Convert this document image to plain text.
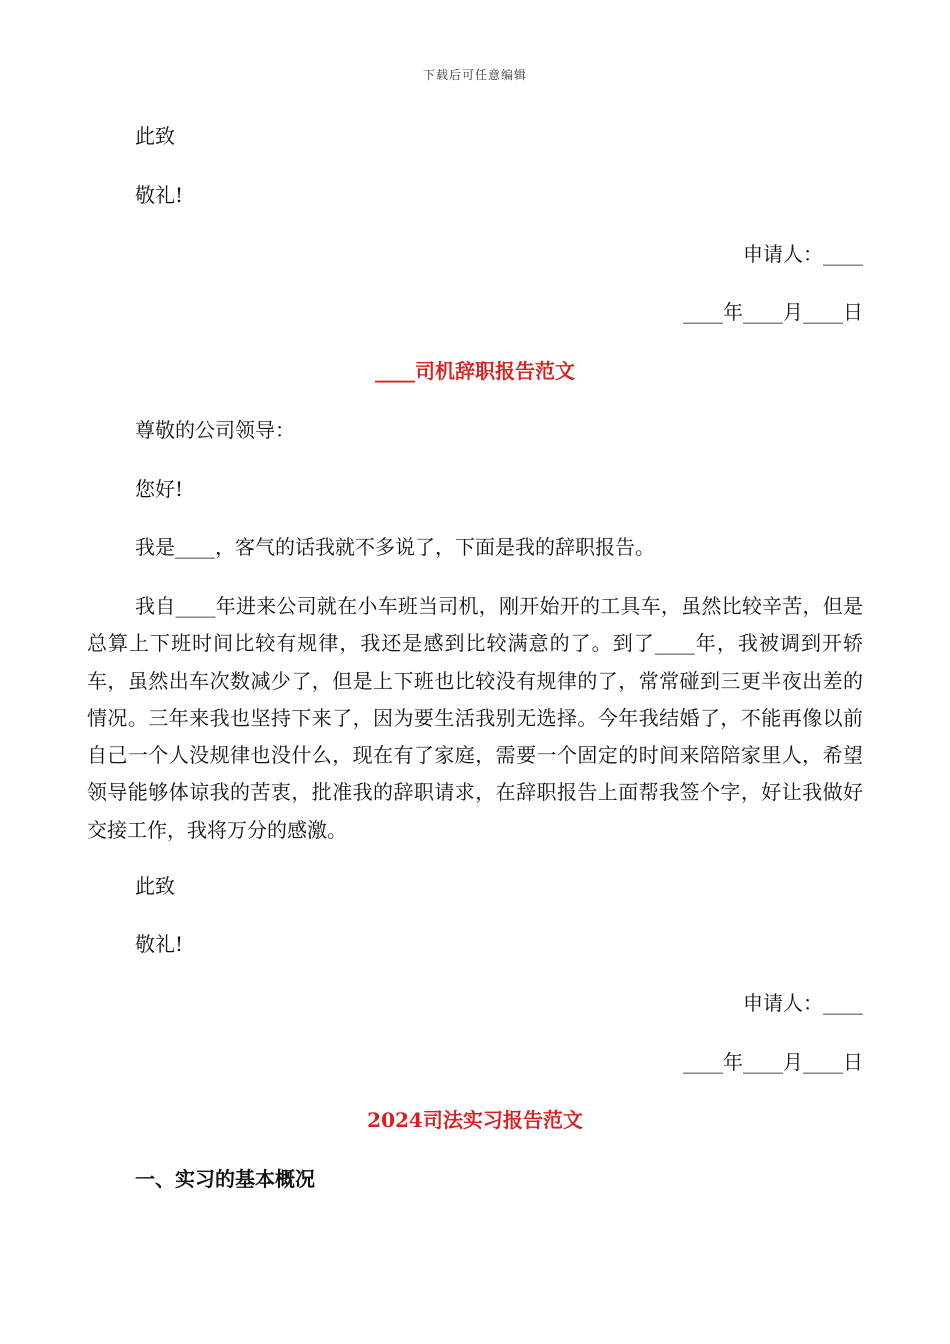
下载后可任意编辑
此致
敬礼!
申请人：____
____年____月____日
____司机辞职报告范文
尊敬的公司领导：
您好!
我是____，客气的话我就不多说了，下面是我的辞职报告。
我自____年进来公司就在小车班当司机，刚开始开的工具车，虽然比较辛苦，但是总算上下班时间比较有规律，我还是感到比较满意的了。到了____年，我被调到开轿车，虽然出车次数减少了，但是上下班也比较没有规律的了，常常碰到三更半夜出差的情况。三年来我也坚持下来了，因为要生活我别无选择。今年我结婚了，不能再像以前自己一个人没规律也没什么，现在有了家庭，需要一个固定的时间来陪陪家里人，希望领导能够体谅我的苦衷，批准我的辞职请求，在辞职报告上面帮我签个字，好让我做好交接工作，我将万分的感激。
此致
敬礼!
申请人：____
____年____月____日
2024司法实习报告范文
一、实习的基本概况
